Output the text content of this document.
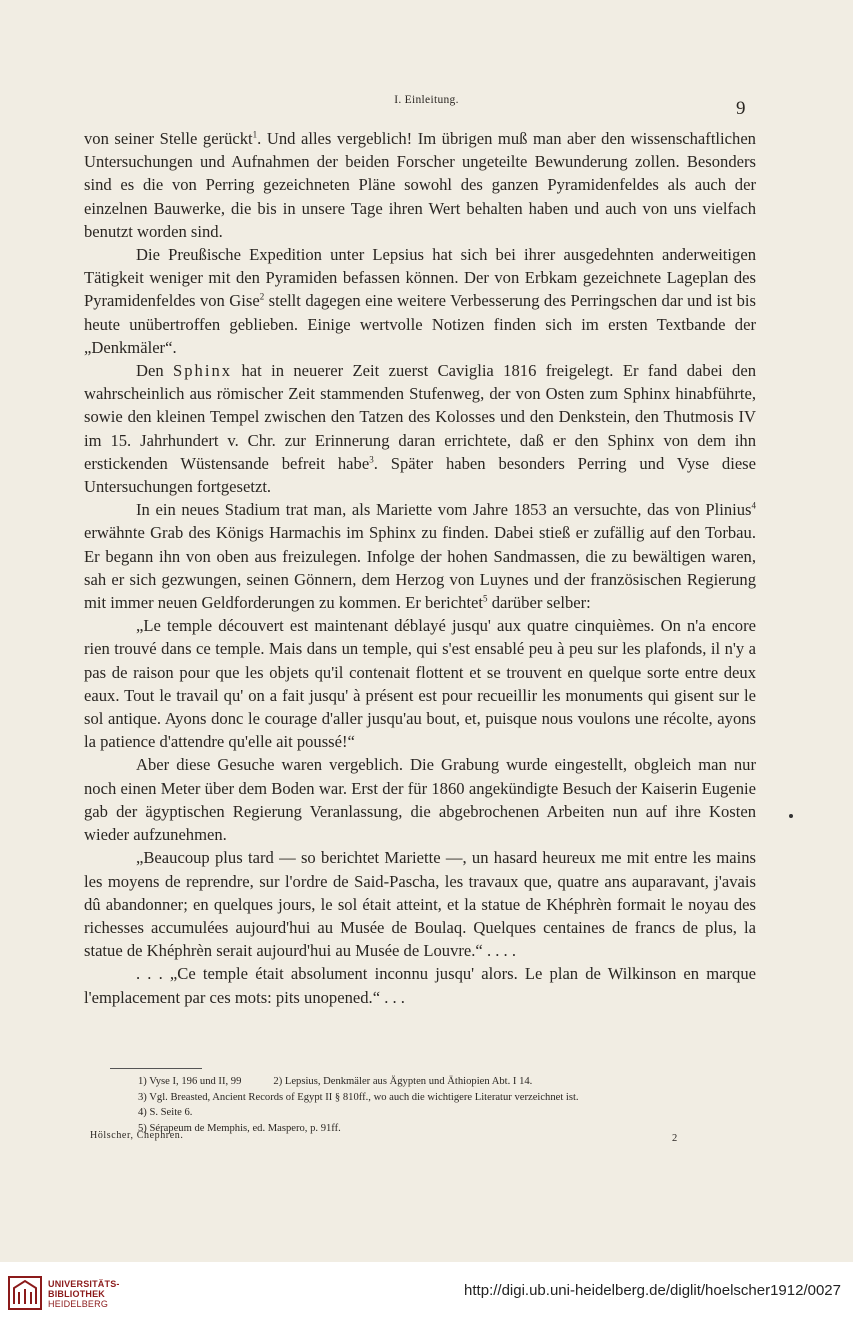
I. Einleitung.	9

von seiner Stelle gerückt$^1$. Und alles vergeblich! Im übrigen muß man aber den wissenschaftlichen Untersuchungen und Aufnahmen der beiden Forscher ungeteilte Bewunderung zollen. Besonders sind es die von Perring gezeichneten Pläne sowohl des ganzen Pyramidenfeldes als auch der einzelnen Bauwerke, die bis in unsere Tage ihren Wert behalten haben und auch von uns vielfach benutzt worden sind.

Die Preußische Expedition unter Lepsius hat sich bei ihrer ausgedehnten anderweitigen Tätigkeit weniger mit den Pyramiden befassen können. Der von Erbkam gezeichnete Lageplan des Pyramidenfeldes von Gise$^2$ stellt dagegen eine weitere Verbesserung des Perringschen dar und ist bis heute unübertroffen geblieben. Einige wertvolle Notizen finden sich im ersten Textbande der „Denkmäler“.

Den Sphinx hat in neuerer Zeit zuerst Caviglia 1816 freigelegt. Er fand dabei den wahrscheinlich aus römischer Zeit stammenden Stufenweg, der von Osten zum Sphinx hinabführte, sowie den kleinen Tempel zwischen den Tatzen des Kolosses und den Denkstein, den Thutmosis IV im 15. Jahrhundert v. Chr. zur Erinnerung daran errichtete, daß er den Sphinx von dem ihn erstickenden Wüstensande befreit habe$^3$. Später haben besonders Perring und Vyse diese Untersuchungen fortgesetzt.

In ein neues Stadium trat man, als Mariette vom Jahre 1853 an versuchte, das von Plinius$^4$ erwähnte Grab des Königs Harmachis im Sphinx zu finden. Dabei stieß er zufällig auf den Torbau. Er begann ihn von oben aus freizulegen. Infolge der hohen Sandmassen, die zu bewältigen waren, sah er sich gezwungen, seinen Gönnern, dem Herzog von Luynes und der französischen Regierung mit immer neuen Geldforderungen zu kommen. Er berichtet$^5$ darüber selber:

„Le temple découvert est maintenant déblayé jusqu' aux quatre cinquièmes. On n'a encore rien trouvé dans ce temple. Mais dans un temple, qui s'est ensablé peu à peu sur les plafonds, il n'y a pas de raison pour que les objets qu'il contenait flottent et se trouvent en quelque sorte entre deux eaux. Tout le travail qu' on a fait jusqu' à présent est pour recueillir les monuments qui gisent sur le sol antique. Ayons donc le courage d'aller jusqu'au bout, et, puisque nous voulons une récolte, ayons la patience d'attendre qu'elle ait poussé!“

Aber diese Gesuche waren vergeblich. Die Grabung wurde eingestellt, obgleich man nur noch einen Meter über dem Boden war. Erst der für 1860 angekündigte Besuch der Kaiserin Eugenie gab der ägyptischen Regierung Veranlassung, die abgebrochenen Arbeiten nun auf ihre Kosten wieder aufzunehmen.

„Beaucoup plus tard — so berichtet Mariette —, un hasard heureux me mit entre les mains les moyens de reprendre, sur l'ordre de Said-Pascha, les travaux que, quatre ans auparavant, j'avais dû abandonner; en quelques jours, le sol était atteint, et la statue de Khéphrèn formait le noyau des richesses accumulées aujourd'hui au Musée de Boulaq. Quelques centaines de francs de plus, la statue de Khéphrèn serait aujourd'hui au Musée de Louvre.“ . . . .

. . . „Ce temple était absolument inconnu jusqu' alors. Le plan de Wilkinson en marque l'emplacement par ces mots: pits unopened.“ . . .

1) Vyse I, 196 und II, 99	2) Lepsius, Denkmäler aus Ägypten und Äthiopien Abt. I 14.
3) Vgl. Breasted, Ancient Records of Egypt II § 810ff., wo auch die wichtigere Literatur verzeichnet ist.
4) S. Seite 6.
5) Sérapeum de Memphis, ed. Maspero, p. 91ff.
Hölscher, Chephren.	2
UNIVERSITÄTS-
BIBLIOTHEK
HEIDELBERG
http://digi.ub.uni-heidelberg.de/diglit/hoelscher1912/0027
